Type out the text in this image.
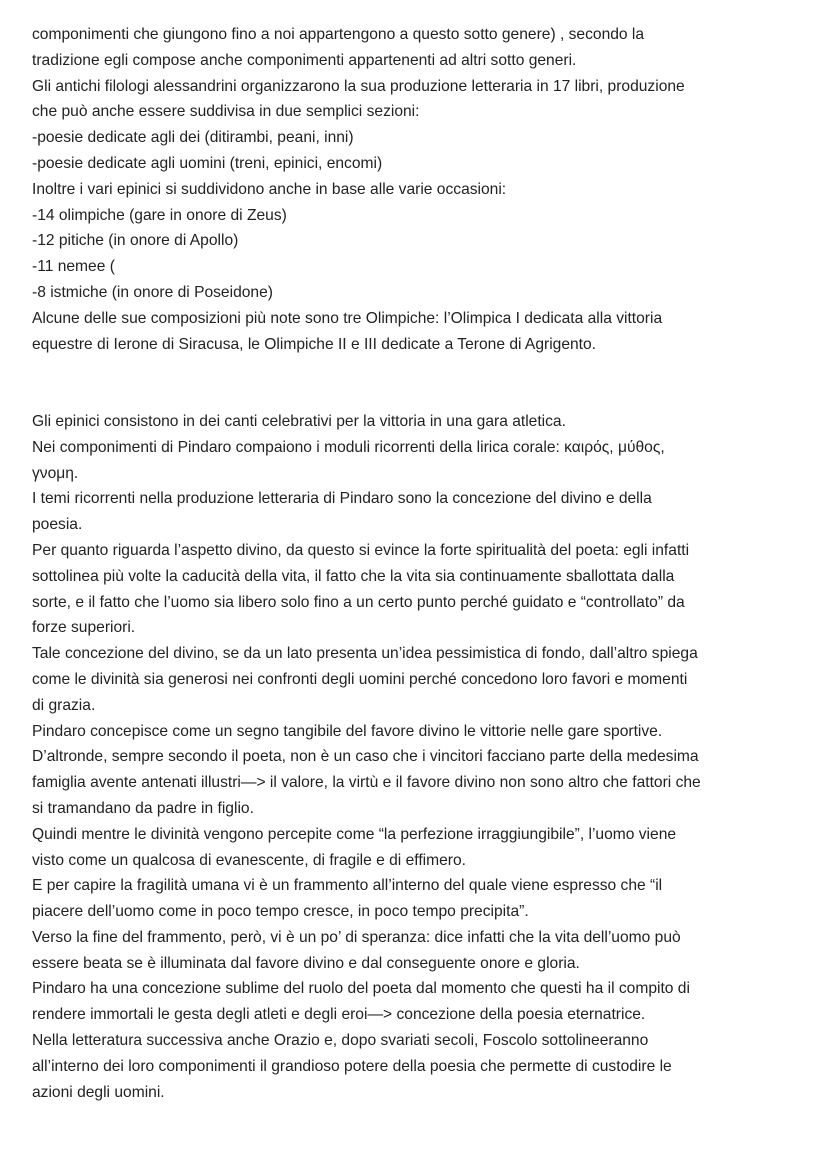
componimenti che giungono fino a noi appartengono a questo sotto genere) , secondo la
tradizione egli compose anche componimenti appartenenti ad altri sotto generi.
Gli antichi filologi alessandrini organizzarono la sua produzione letteraria in 17 libri, produzione
che può anche essere suddivisa in due semplici sezioni:
-poesie dedicate agli dei (ditirambi, peani, inni)
-poesie dedicate agli uomini (treni, epinici, encomi)
Inoltre i vari epinici si suddividono anche in base alle varie occasioni:
-14 olimpiche (gare in onore di Zeus)
-12 pitiche (in onore di Apollo)
-11 nemee (
-8 istmiche (in onore di Poseidone)
Alcune delle sue composizioni più note sono tre Olimpiche: l’Olimpica I dedicata alla vittoria
equestre di Ierone di Siracusa, le Olimpiche II e III dedicate a Terone di Agrigento.
Gli epinici consistono in dei canti celebrativi per la vittoria in una gara atletica.
Nei componimenti di Pindaro compaiono i moduli ricorrenti della lirica corale: καιρός, μύθος,
γνομη.
I temi ricorrenti nella produzione letteraria di Pindaro sono la concezione del divino e della
poesia.
Per quanto riguarda l’aspetto divino, da questo si evince la forte spiritualità del poeta: egli infatti
sottolinea più volte la caducità della vita, il fatto che la vita sia continuamente sballottata dalla
sorte, e il fatto che l’uomo sia libero solo fino a un certo punto perché guidato e “controllato” da
forze superiori.
Tale concezione del divino, se da un lato presenta un’idea pessimistica di fondo, dall’altro spiega
come le divinità sia generosi nei confronti degli uomini perché concedono loro favori e momenti
di grazia.
Pindaro concepisce come un segno tangibile del favore divino le vittorie nelle gare sportive.
D’altronde, sempre secondo il poeta, non è un caso che i vincitori facciano parte della medesima
famiglia avente antenati illustri—> il valore, la virtù e il favore divino non sono altro che fattori che
si tramandano da padre in figlio.
Quindi mentre le divinità vengono percepite come “la perfezione irraggiungibile”, l’uomo viene
visto come un qualcosa di evanescente, di fragile e di effimero.
E per capire la fragilità umana vi è un frammento all’interno del quale viene espresso che “il
piacere dell’uomo come in poco tempo cresce, in poco tempo precipita”.
Verso la fine del frammento, però, vi è un po’ di speranza: dice infatti che la vita dell’uomo può
essere beata se è illuminata dal favore divino e dal conseguente onore e gloria.
Pindaro ha una concezione sublime del ruolo del poeta dal momento che questi ha il compito di
rendere immortali le gesta degli atleti e degli eroi—> concezione della poesia eternatrice.
Nella letteratura successiva anche Orazio e, dopo svariati secoli, Foscolo sottolineeranno
all’interno dei loro componimenti il grandioso potere della poesia che permette di custodire le
azioni degli uomini.
